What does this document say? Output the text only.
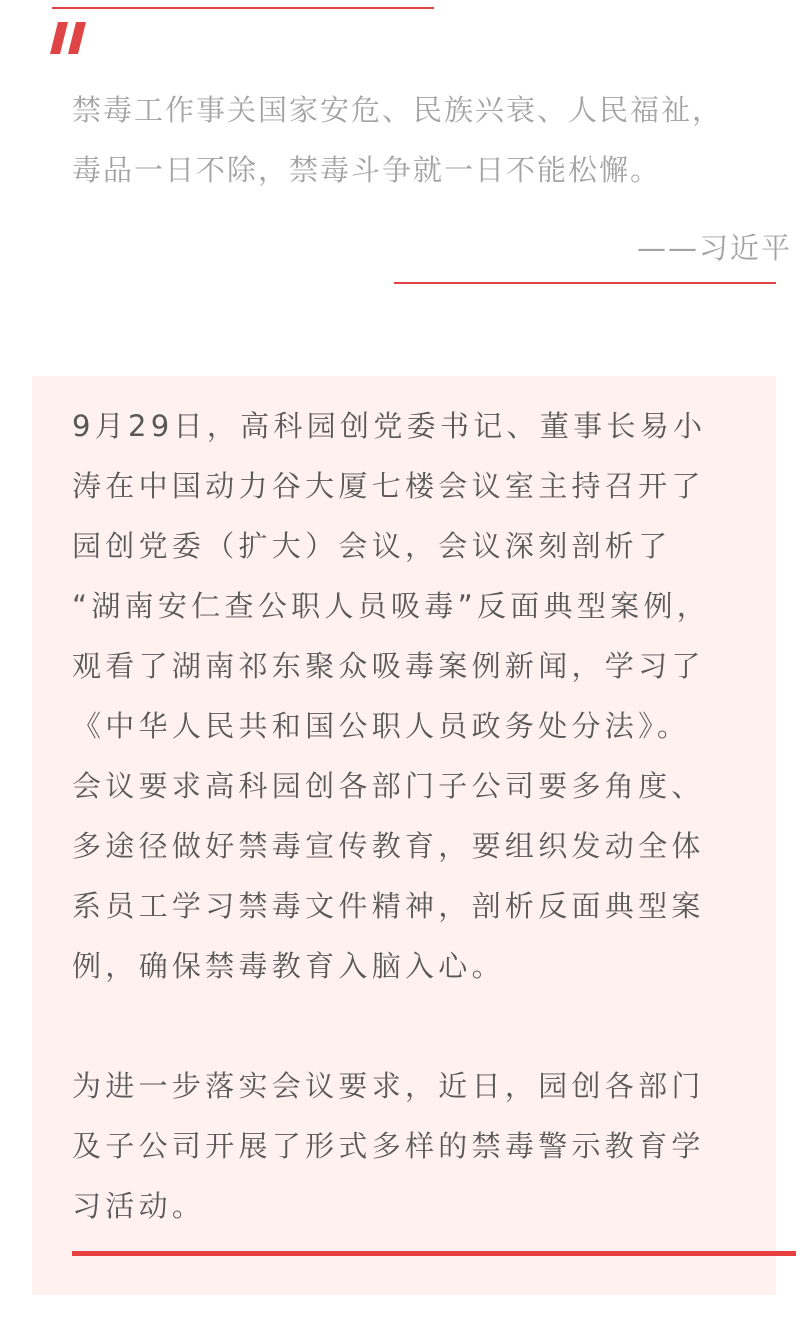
禁毒工作事关国家安危、民族兴衰、人民福祉，
毒品一日不除，禁毒斗争就一日不能松懈。

——习近平

9月29日，高科园创党委书记、董事长易小
涛在中国动力谷大厦七楼会议室主持召开了
园创党委（扩大）会议，会议深刻剖析了
“湖南安仁查公职人员吸毒”反面典型案例，
观看了湖南祁东聚众吸毒案例新闻，学习了
《中华人民共和国公职人员政务处分法》。
会议要求高科园创各部门子公司要多角度、
多途径做好禁毒宣传教育，要组织发动全体
系员工学习禁毒文件精神，剖析反面典型案
例，确保禁毒教育入脑入心。

为进一步落实会议要求，近日，园创各部门
及子公司开展了形式多样的禁毒警示教育学
习活动。
